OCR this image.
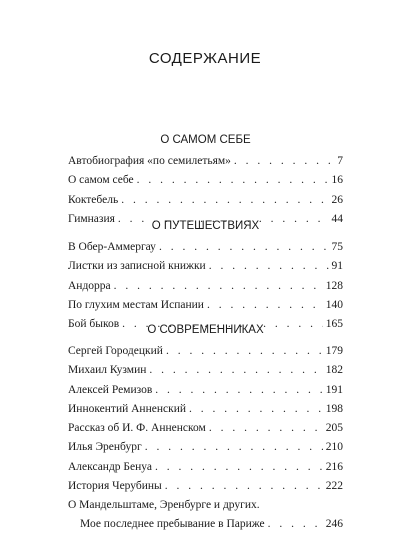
СОДЕРЖАНИЕ
О САМОМ СЕБЕ
Автобиография «по семилетьям» . . .	7
О самом себе . . .	16
Коктебель . . .	26
Гимназия . . .	44
О ПУТЕШЕСТВИЯХ
В Обер-Аммергау . . .	75
Листки из записной книжки . . .	91
Андорра . . .	128
По глухим местам Испании . . .	140
Бой быков . . .	165
О СОВРЕМЕННИКАХ
Сергей Городецкий . . .	179
Михаил Кузмин . . .	182
Алексей Ремизов . . .	191
Иннокентий Анненский . . .	198
Рассказ об И. Ф. Анненском . . .	205
Илья Эренбург . . .	210
Александр Бенуа . . .	216
История Черубины . . .	222
О Мандельштаме, Эренбурге и других.
Мое последнее пребывание в Париже . . .	246
